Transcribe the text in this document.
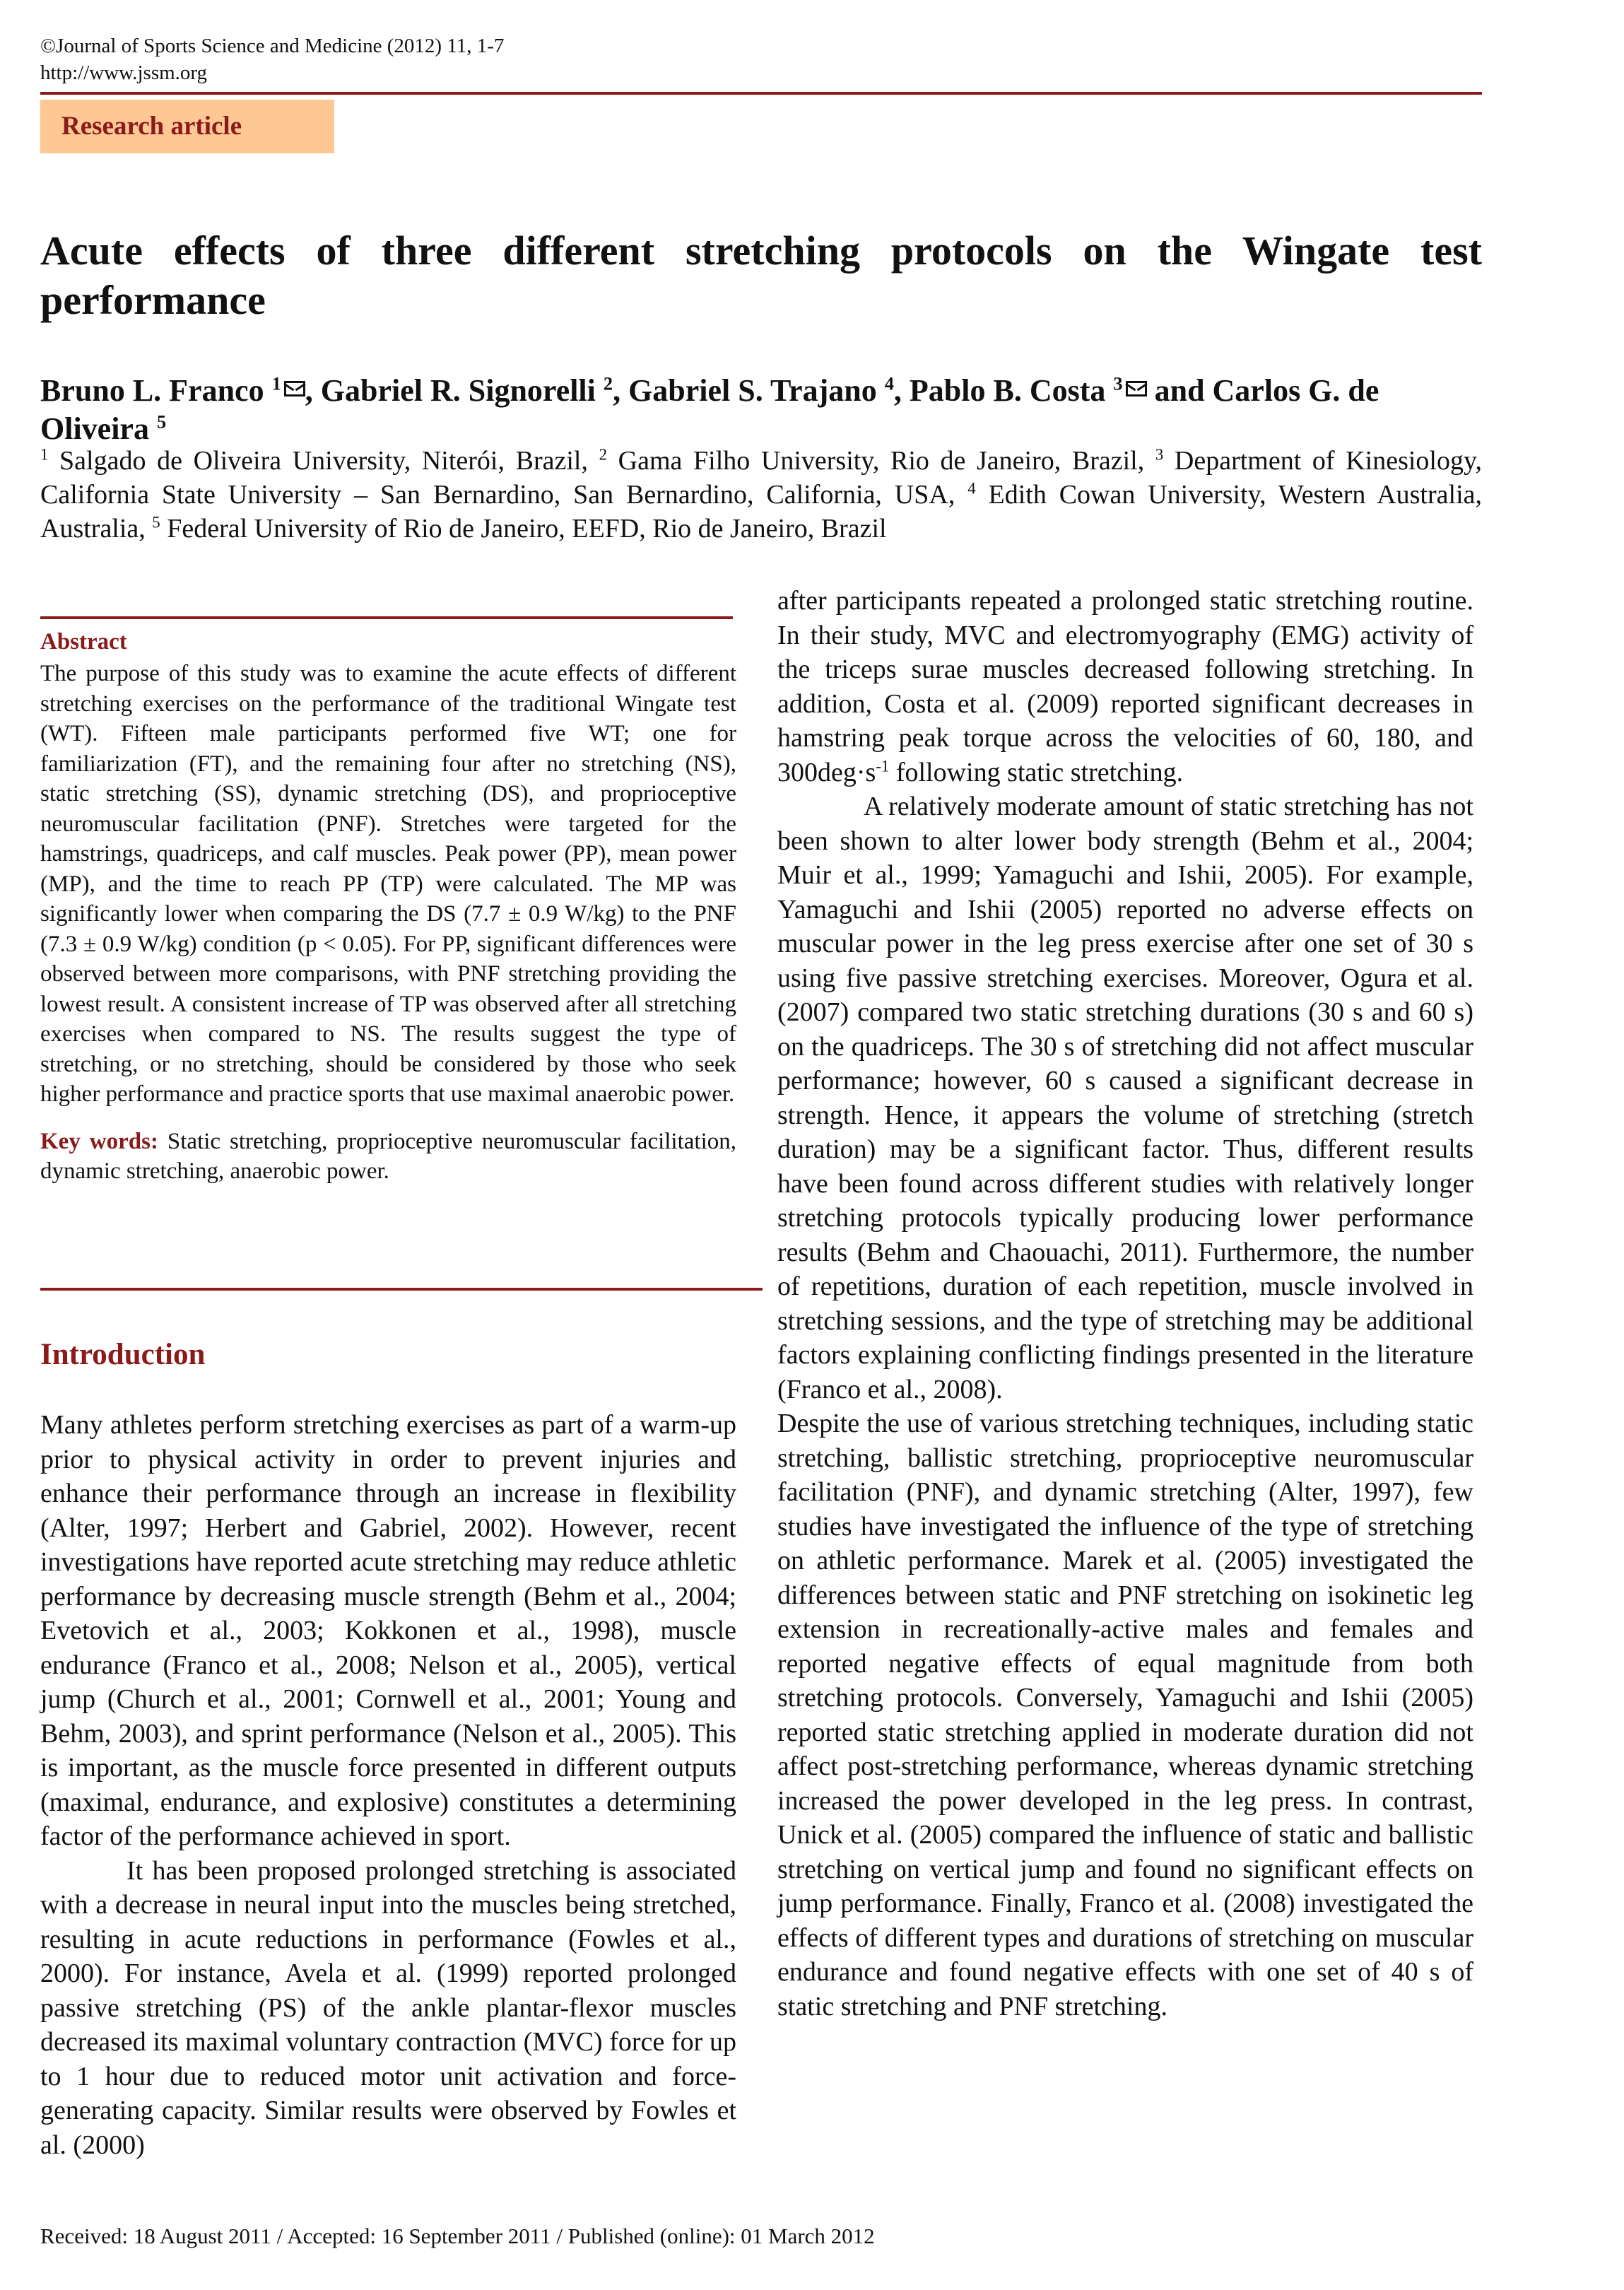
©Journal of Sports Science and Medicine (2012) 11, 1-7
http://www.jssm.org
Research article
Acute effects of three different stretching protocols on the Wingate test performance
Bruno L. Franco $^1$ , Gabriel R. Signorelli $^2$, Gabriel S. Trajano $^4$, Pablo B. Costa $^3$ and Carlos G. de Oliveira $^5$
$^1$ Salgado de Oliveira University, Niterói, Brazil, $^2$ Gama Filho University, Rio de Janeiro, Brazil, $^3$ Department of Kinesiology, California State University – San Bernardino, San Bernardino, California, USA, $^4$ Edith Cowan University, Western Australia, Australia, $^5$ Federal University of Rio de Janeiro, EEFD, Rio de Janeiro, Brazil
Abstract

The purpose of this study was to examine the acute effects of different stretching exercises on the performance of the traditional Wingate test (WT). Fifteen male participants performed five WT; one for familiarization (FT), and the remaining four after no stretching (NS), static stretching (SS), dynamic stretching (DS), and proprioceptive neuromuscular facilitation (PNF). Stretches were targeted for the hamstrings, quadriceps, and calf muscles. Peak power (PP), mean power (MP), and the time to reach PP (TP) were calculated. The MP was significantly lower when comparing the DS (7.7 ± 0.9 W/kg) to the PNF (7.3 ± 0.9 W/kg) condition (p < 0.05). For PP, significant differences were observed between more comparisons, with PNF stretching providing the lowest result. A consistent increase of TP was observed after all stretching exercises when compared to NS. The results suggest the type of stretching, or no stretching, should be considered by those who seek higher performance and practice sports that use maximal anaerobic power.

Key words: Static stretching, proprioceptive neuromuscular facilitation, dynamic stretching, anaerobic power.

Introduction

Many athletes perform stretching exercises as part of a warm-up prior to physical activity in order to prevent injuries and enhance their performance through an increase in flexibility (Alter, 1997; Herbert and Gabriel, 2002). However, recent investigations have reported acute stretching may reduce athletic performance by decreasing muscle strength (Behm et al., 2004; Evetovich et al., 2003; Kokkonen et al., 1998), muscle endurance (Franco et al., 2008; Nelson et al., 2005), vertical jump (Church et al., 2001; Cornwell et al., 2001; Young and Behm, 2003), and sprint performance (Nelson et al., 2005). This is important, as the muscle force presented in different outputs (maximal, endurance, and explosive) constitutes a determining factor of the performance achieved in sport.

It has been proposed prolonged stretching is associated with a decrease in neural input into the muscles being stretched, resulting in acute reductions in performance (Fowles et al., 2000). For instance, Avela et al. (1999) reported prolonged passive stretching (PS) of the ankle plantar-flexor muscles decreased its maximal voluntary contraction (MVC) force for up to 1 hour due to reduced motor unit activation and force-generating capacity. Similar results were observed by Fowles et al. (2000)

after participants repeated a prolonged static stretching routine. In their study, MVC and electromyography (EMG) activity of the triceps surae muscles decreased following stretching. In addition, Costa et al. (2009) reported significant decreases in hamstring peak torque across the velocities of 60, 180, and $300deg\cdot s^{-1}$ following static stretching.

A relatively moderate amount of static stretching has not been shown to alter lower body strength (Behm et al., 2004; Muir et al., 1999; Yamaguchi and Ishii, 2005). For example, Yamaguchi and Ishii (2005) reported no adverse effects on muscular power in the leg press exercise after one set of 30 s using five passive stretching exercises. Moreover, Ogura et al. (2007) compared two static stretching durations (30 s and 60 s) on the quadriceps. The 30 s of stretching did not affect muscular performance; however, 60 s caused a significant decrease in strength. Hence, it appears the volume of stretching (stretch duration) may be a significant factor. Thus, different results have been found across different studies with relatively longer stretching protocols typically producing lower performance results (Behm and Chaouachi, 2011). Furthermore, the number of repetitions, duration of each repetition, muscle involved in stretching sessions, and the type of stretching may be additional factors explaining conflicting findings presented in the literature (Franco et al., 2008).

Despite the use of various stretching techniques, including static stretching, ballistic stretching, proprioceptive neuromuscular facilitation (PNF), and dynamic stretching (Alter, 1997), few studies have investigated the influence of the type of stretching on athletic performance. Marek et al. (2005) investigated the differences between static and PNF stretching on isokinetic leg extension in recreationally-active males and females and reported negative effects of equal magnitude from both stretching protocols. Conversely, Yamaguchi and Ishii (2005) reported static stretching applied in moderate duration did not affect post-stretching performance, whereas dynamic stretching increased the power developed in the leg press. In contrast, Unick et al. (2005) compared the influence of static and ballistic stretching on vertical jump and found no significant effects on jump performance. Finally, Franco et al. (2008) investigated the effects of different types and durations of stretching on muscular endurance and found negative effects with one set of 40 s of static stretching and PNF stretching.

Received: 18 August 2011 / Accepted: 16 September 2011 / Published (online): 01 March 2012
